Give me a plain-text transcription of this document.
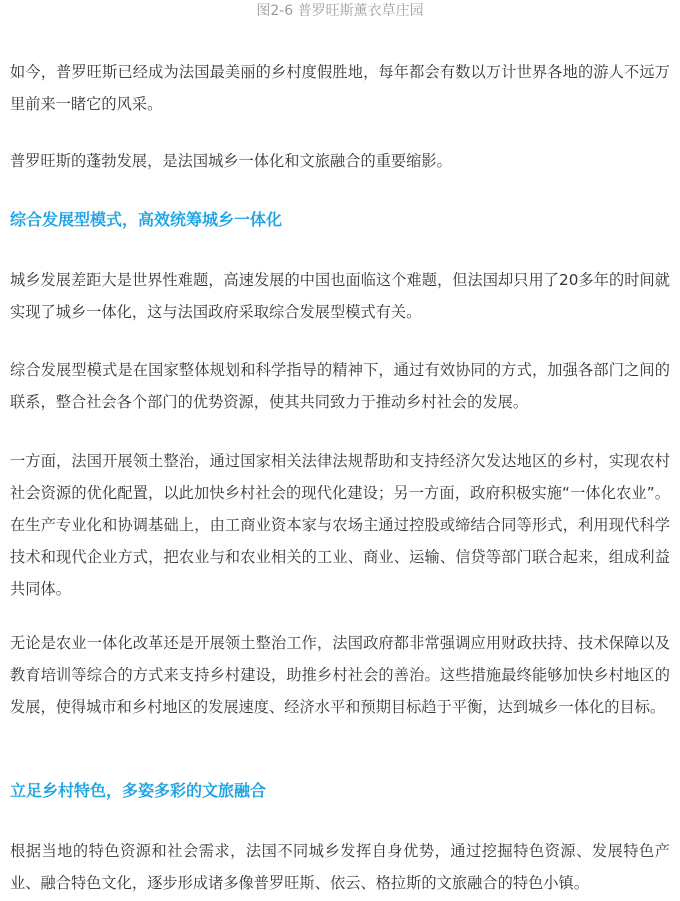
图2-6 普罗旺斯薰衣草庄园

如今，普罗旺斯已经成为法国最美丽的乡村度假胜地，每年都会有数以万计世界各地的游人不远万里前来一睹它的风采。

普罗旺斯的蓬勃发展，是法国城乡一体化和文旅融合的重要缩影。

综合发展型模式，高效统筹城乡一体化

城乡发展差距大是世界性难题，高速发展的中国也面临这个难题，但法国却只用了20多年的时间就实现了城乡一体化，这与法国政府采取综合发展型模式有关。

综合发展型模式是在国家整体规划和科学指导的精神下，通过有效协同的方式，加强各部门之间的联系，整合社会各个部门的优势资源，使其共同致力于推动乡村社会的发展。

一方面，法国开展领土整治，通过国家相关法律法规帮助和支持经济欠发达地区的乡村，实现农村社会资源的优化配置，以此加快乡村社会的现代化建设；另一方面，政府积极实施“一体化农业”。在生产专业化和协调基础上，由工商业资本家与农场主通过控股或缔结合同等形式，利用现代科学技术和现代企业方式，把农业与和农业相关的工业、商业、运输、信贷等部门联合起来，组成利益共同体。

无论是农业一体化改革还是开展领土整治工作，法国政府都非常强调应用财政扶持、技术保障以及教育培训等综合的方式来支持乡村建设，助推乡村社会的善治。这些措施最终能够加快乡村地区的发展，使得城市和乡村地区的发展速度、经济水平和预期目标趋于平衡，达到城乡一体化的目标。

立足乡村特色，多姿多彩的文旅融合

根据当地的特色资源和社会需求，法国不同城乡发挥自身优势，通过挖掘特色资源、发展特色产业、融合特色文化，逐步形成诸多像普罗旺斯、依云、格拉斯的文旅融合的特色小镇。
